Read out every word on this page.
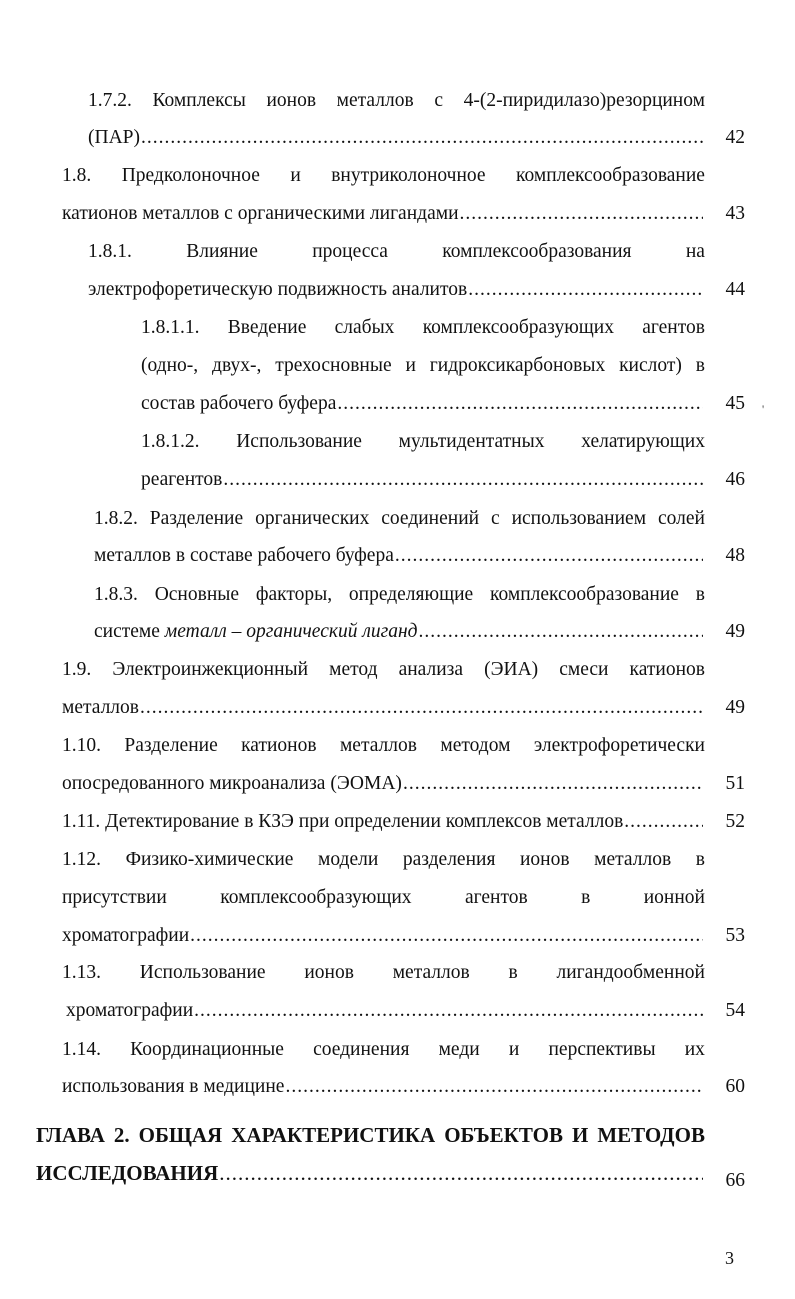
1.7.2. Комплексы ионов металлов с 4-(2-пиридилазо)резорцином
(ПАР) .....	42
1.8. Предколоночное и внутриколоночное комплексообразование
катионов металлов с органическими лигандами .....	43
1.8.1.	Влияние	процесса	комплексообразования	на
электрофоретическую подвижность аналитов .....	44
1.8.1.1. Введение слабых комплексообразующих агентов
(одно-, двух-, трехосновные и гидроксикарбоновых кислот) в
состав рабочего буфера .....	45 '
1.8.1.2. Использование мультидентатных хелатирующих
реагентов .....	46
1.8.2. Разделение органических соединений с использованием солей
металлов в составе рабочего буфера .....	48
1.8.3. Основные факторы, определяющие комплексообразование в
системе металл – органический лиганд .....	49
1.9. Электроинжекционный метод анализа (ЭИА) смеси катионов
металлов .....	49
1.10. Разделение катионов металлов методом электрофоретически
опосредованного микроанализа (ЭОМА) .....	51
1.11. Детектирование в КЗЭ при определении комплексов металлов .....	52
1.12. Физико-химические модели разделения ионов металлов в
присутствии	комплексообразующих	агентов	в	ионной
хроматографии .....	53
1.13. Использование ионов металлов в лигандообменной
хроматографии .....	54
1.14. Координационные соединения меди и перспективы их
использования в медицине .....	60
ГЛАВА 2. ОБЩАЯ ХАРАКТЕРИСТИКА ОБЪЕКТОВ И МЕТОДОВ
ИССЛЕДОВАНИЯ .....	66
3
